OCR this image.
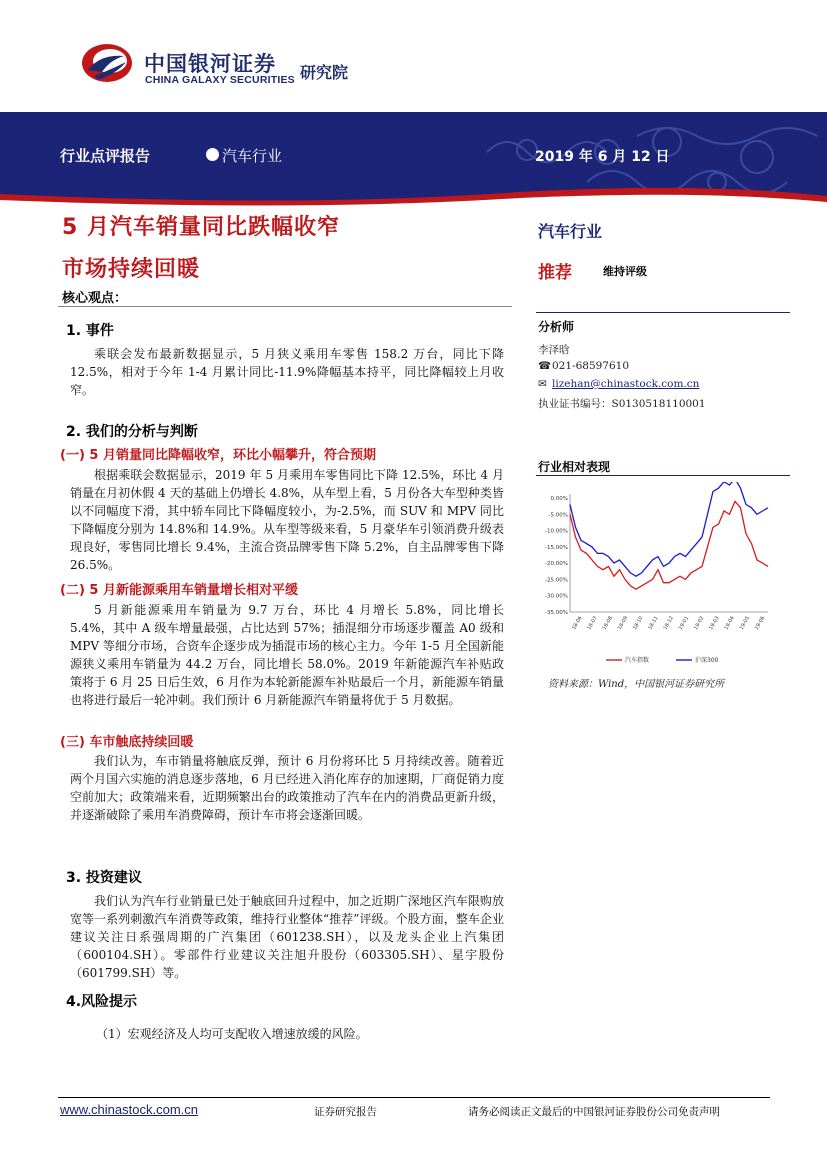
中国银河证券
CHINA GALAXY SECURITIES 研究院
行业点评报告	汽车行业	2019 年 6 月 12 日
5 月汽车销量同比跌幅收窄
市场持续回暖
核心观点：
汽车行业
推荐	维持评级
分析师
李泽晗
☎021-68597610
✉ lizehan@chinastock.com.cn
执业证书编号：S0130518110001
行业相对表现
0.00%
-5.00%
-10.00%
-15.00%
-20.00%
-25.00%
-30.00%
-35.00%
18-06 18-07 18-08 18-09 18-10 18-11 18-12 19-01 19-02 19-03 19-04 19-05 19-06
汽车指数	沪深300
资料来源：Wind，中国银河证券研究所
1. 事件
乘联会发布最新数据显示，5 月狭义乘用车零售 158.2 万台，同比下降 12.5%，相对于今年 1-4 月累计同比-11.9%降幅基本持平，同比降幅较上月收窄。
2. 我们的分析与判断
(一) 5 月销量同比降幅收窄，环比小幅攀升，符合预期
根据乘联会数据显示，2019 年 5 月乘用车零售同比下降 12.5%，环比 4 月销量在月初休假 4 天的基础上仍增长 4.8%，从车型上看，5 月份各大车型种类皆以不同幅度下滑，其中轿车同比下降幅度较小，为-2.5%，而 SUV 和 MPV 同比下降幅度分别为 14.8%和 14.9%。从车型等级来看，5 月豪华车引领消费升级表现良好，零售同比增长 9.4%，主流合资品牌零售下降 5.2%，自主品牌零售下降 26.5%。
(二) 5 月新能源乘用车销量增长相对平缓
5 月新能源乘用车销量为 9.7 万台，环比 4 月增长 5.8%，同比增长 5.4%，其中 A 级车增量最强，占比达到 57%；插混细分市场逐步覆盖 A0 级和 MPV 等细分市场，合资车企逐步成为插混市场的核心主力。今年 1-5 月全国新能源狭义乘用车销量为 44.2 万台，同比增长 58.0%。2019 年新能源汽车补贴政策将于 6 月 25 日后生效，6 月作为本轮新能源车补贴最后一个月，新能源车销量也将进行最后一轮冲刺。我们预计 6 月新能源汽车销量将优于 5 月数据。
(三) 车市触底持续回暖
我们认为，车市销量将触底反弹，预计 6 月份将环比 5 月持续改善。随着近两个月国六实施的消息逐步落地，6 月已经进入消化库存的加速期，厂商促销力度空前加大；政策端来看，近期频繁出台的政策推动了汽车在内的消费品更新升级，并逐渐破除了乘用车消费障碍，预计车市将会逐渐回暖。
3. 投资建议
我们认为汽车行业销量已处于触底回升过程中，加之近期广深地区汽车限购放宽等一系列刺激汽车消费等政策，维持行业整体“推荐”评级。个股方面，整车企业建议关注日系强周期的广汽集团（601238.SH），以及龙头企业上汽集团（600104.SH）。零部件行业建议关注旭升股份（603305.SH）、星宇股份（601799.SH）等。
4.风险提示
（1）宏观经济及人均可支配收入增速放缓的风险。
www.chinastock.com.cn	证券研究报告	请务必阅读正文最后的中国银河证券股份公司免责声明
